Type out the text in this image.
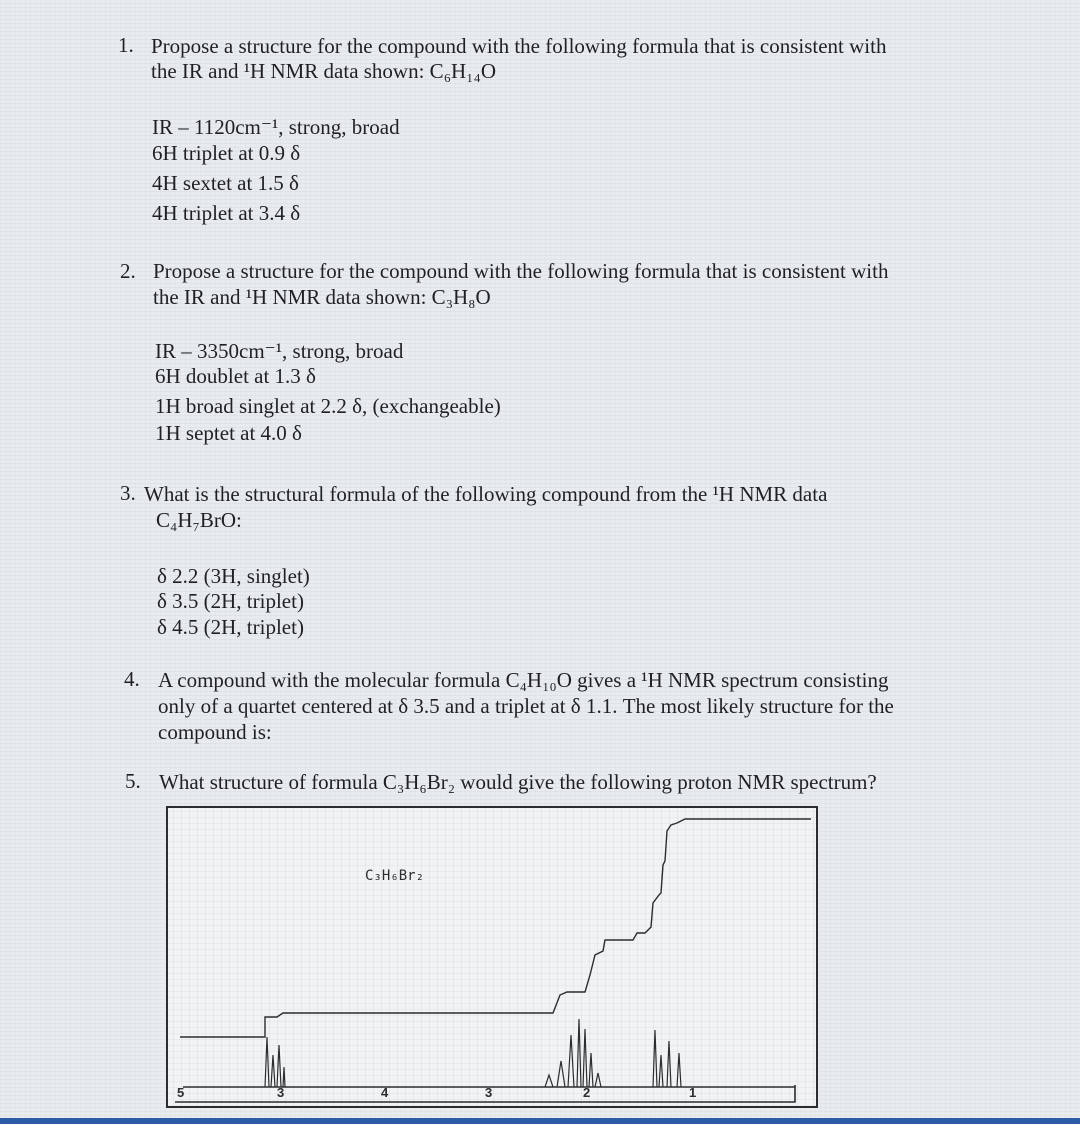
1. Propose a structure for the compound with the following formula that is consistent with
the IR and ¹H NMR data shown: C₆H₁₄O
IR – 1120cm⁻¹, strong, broad
6H triplet at 0.9 δ
4H sextet at 1.5 δ
4H triplet at 3.4 δ
2. Propose a structure for the compound with the following formula that is consistent with
the IR and ¹H NMR data shown: C₃H₈O
IR – 3350cm⁻¹, strong, broad
6H doublet at 1.3 δ
1H broad singlet at 2.2 δ, (exchangeable)
1H septet at 4.0 δ
3. What is the structural formula of the following compound from the ¹H NMR data
C₄H₇BrO:
δ 2.2 (3H, singlet)
δ 3.5 (2H, triplet)
δ 4.5 (2H, triplet)
4. A compound with the molecular formula C₄H₁₀O gives a ¹H NMR spectrum consisting
only of a quartet centered at δ 3.5 and a triplet at δ 1.1. The most likely structure for the
compound is:
5. What structure of formula C₃H₆Br₂ would give the following proton NMR spectrum?
C₃H₆Br₂
5	3	4	3	2	1
